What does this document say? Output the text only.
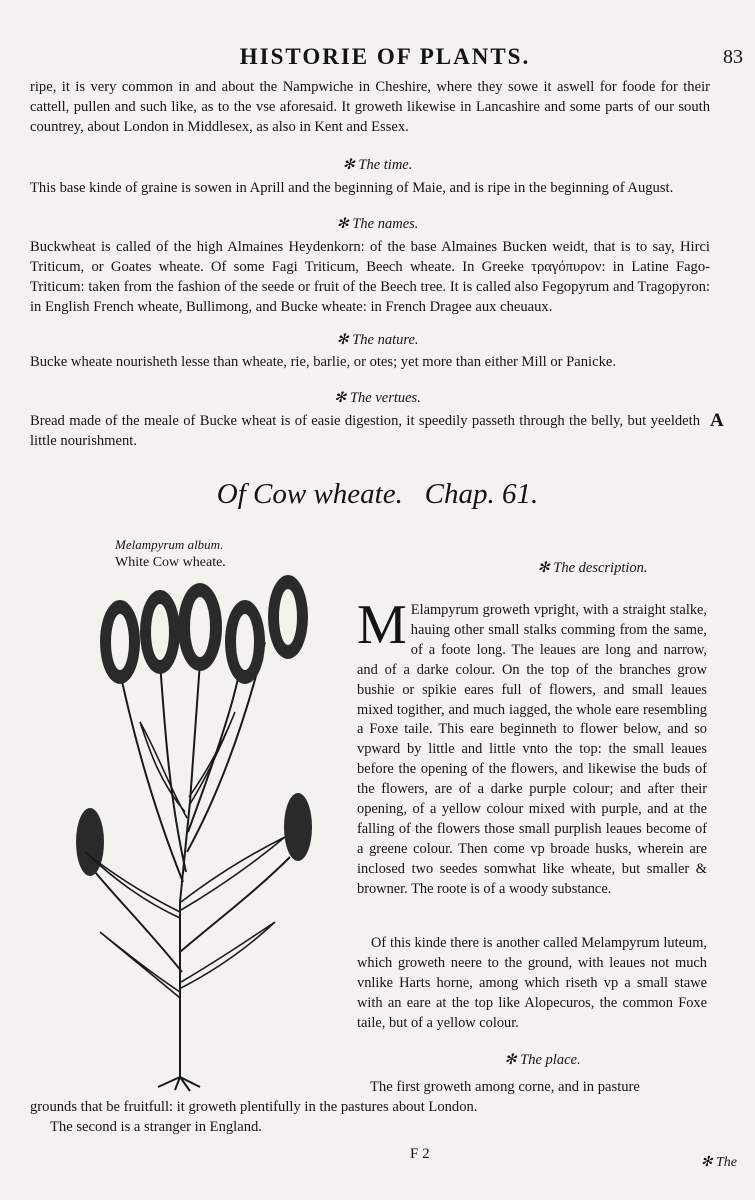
HISTORIE OF PLANTS.	83
ripe, it is very common in and about the Nampwiche in Cheshire, where they sowe it aswell for foode for their cattell, pullen and such like, as to the vse aforesaid. It groweth likewise in Lancashire and some parts of our south countrey, about London in Middlesex, as also in Kent and Essex.
✻ The time.
This base kinde of graine is sowen in Aprill and the beginning of Maie, and is ripe in the beginning of August.
✻ The names.
Buckwheat is called of the high Almaines Heydenkorn: of the base Almaines Bucken weidt, that is to say, Hirci Triticum, or Goates wheate. Of some Fagi Triticum, Beech wheate. In Greeke τραγόπυρον: in Latine Fago-Triticum: taken from the fashion of the seede or fruit of the Beech tree. It is called also Fegopyrum and Tragopyron: in English French wheate, Bullimong, and Bucke wheate: in French Dragee aux cheuaux.
✻ The nature.
Bucke wheate nourisheth lesse than wheate, rie, barlie, or otes; yet more than either Mill or Panicke.
✻ The vertues.
Bread made of the meale of Bucke wheat is of easie digestion, it speedily passeth through the belly, but yeeldeth little nourishment.
A
Of Cow wheate. Chap. 61.
Melampyrum album.
White Cow wheate.	✻ The description.
M Elampyrum groweth vpright, with a straight stalke, hauing other small stalks comming from the same, of a foote long. The leaues are long and narrow, and of a darke colour. On the top of the branches grow bushie or spikie eares full of flowers, and small leaues mixed togither, and much iagged, the whole eare resembling a Foxe taile. This eare beginneth to flower below, and so vpward by little and little vnto the top: the small leaues before the opening of the flowers, and likewise the buds of the flowers, are of a darke purple colour; and after their opening, of a yellow colour mixed with purple, and at the falling of the flowers those small purplish leaues become of a greene colour. Then come vp broade husks, wherein are inclosed two seedes somwhat like wheate, but smaller & browner. The roote is of a woody substance.
Of this kinde there is another called Melampyrum luteum, which groweth neere to the ground, with leaues not much vnlike Harts horne, among which riseth vp a small stawe with an eare at the top like Alopecuros, the common Foxe taile, but of a yellow colour.
✻ The place.
The first groweth among corne, and in pasture
grounds that be fruitfull: it groweth plentifully in the pastures about London.
The second is a stranger in England.
F 2
✻ The
